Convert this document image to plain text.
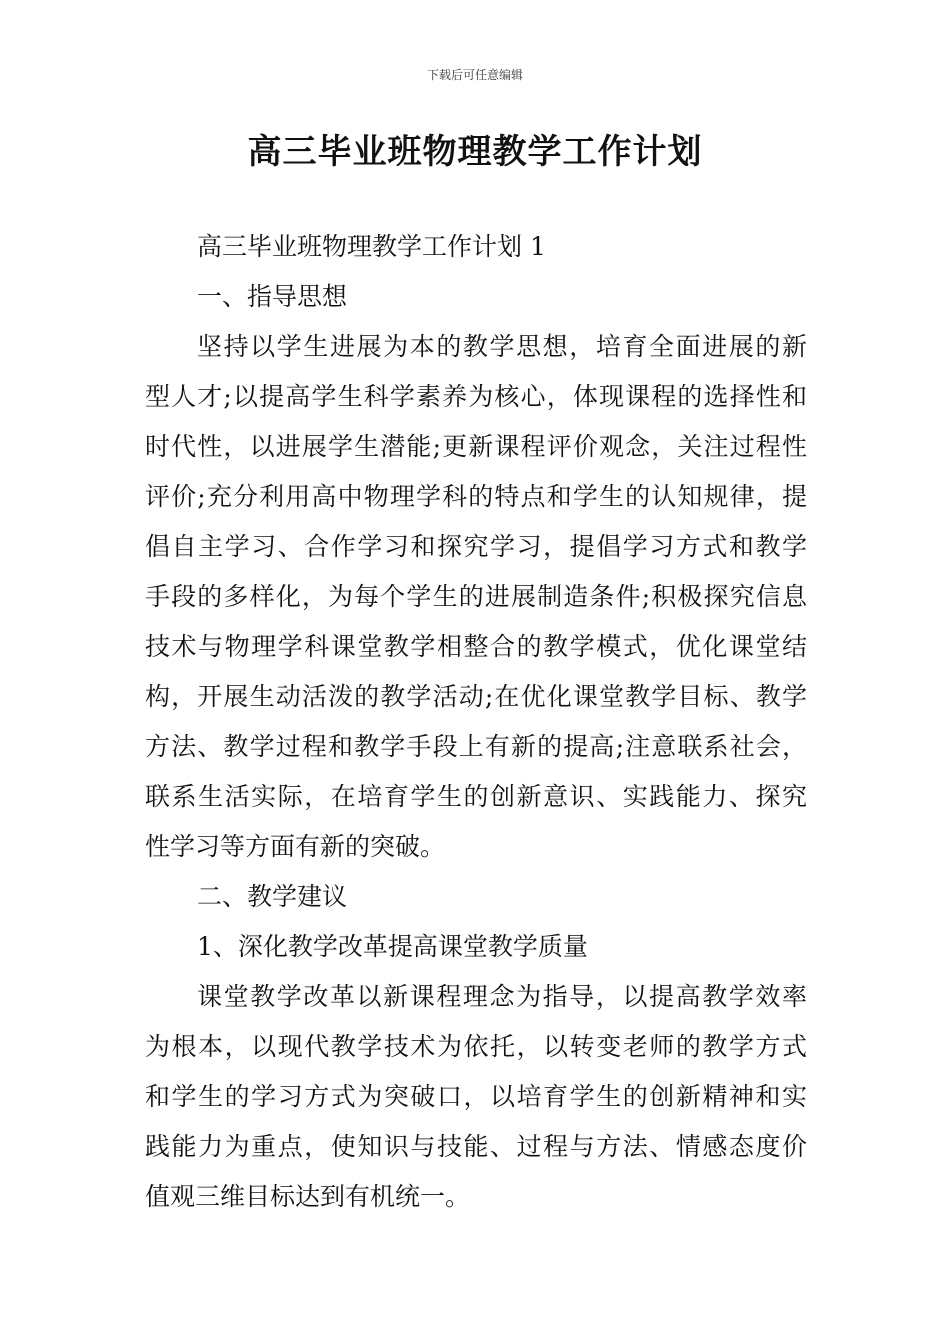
下载后可任意编辑
高三毕业班物理教学工作计划
高三毕业班物理教学工作计划 1
一、指导思想
坚持以学生进展为本的教学思想，培育全面进展的新
型人才;以提高学生科学素养为核心，体现课程的选择性和
时代性，以进展学生潜能;更新课程评价观念，关注过程性
评价;充分利用高中物理学科的特点和学生的认知规律，提
倡自主学习、合作学习和探究学习，提倡学习方式和教学
手段的多样化，为每个学生的进展制造条件;积极探究信息
技术与物理学科课堂教学相整合的教学模式，优化课堂结
构，开展生动活泼的教学活动;在优化课堂教学目标、教学
方法、教学过程和教学手段上有新的提高;注意联系社会，
联系生活实际，在培育学生的创新意识、实践能力、探究
性学习等方面有新的突破。
二、教学建议
1、深化教学改革提高课堂教学质量
课堂教学改革以新课程理念为指导，以提高教学效率
为根本，以现代教学技术为依托，以转变老师的教学方式
和学生的学习方式为突破口，以培育学生的创新精神和实
践能力为重点，使知识与技能、过程与方法、情感态度价
值观三维目标达到有机统一。
